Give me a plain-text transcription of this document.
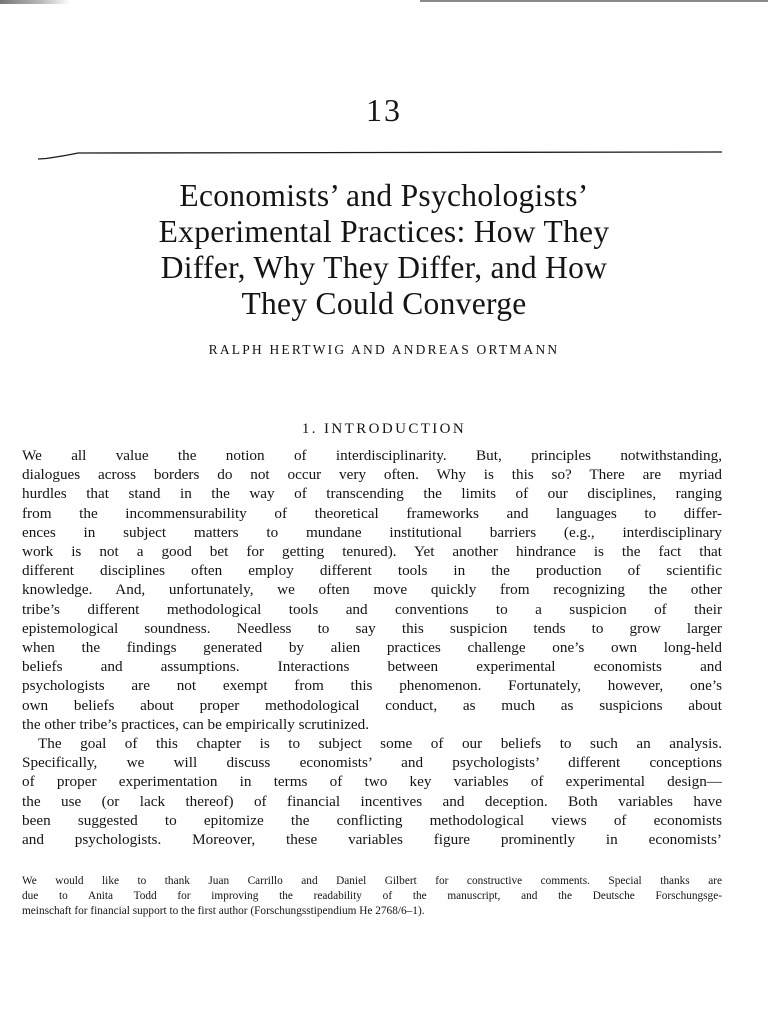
13
Economists’ and Psychologists’
Experimental Practices: How They
Differ, Why They Differ, and How
They Could Converge
RALPH HERTWIG AND ANDREAS ORTMANN
1. INTRODUCTION
We all value the notion of interdisciplinarity. But, principles notwithstanding,
dialogues across borders do not occur very often. Why is this so? There are myriad
hurdles that stand in the way of transcending the limits of our disciplines, ranging
from the incommensurability of theoretical frameworks and languages to differ-
ences in subject matters to mundane institutional barriers (e.g., interdisciplinary
work is not a good bet for getting tenured). Yet another hindrance is the fact that
different disciplines often employ different tools in the production of scientific
knowledge. And, unfortunately, we often move quickly from recognizing the other
tribe’s different methodological tools and conventions to a suspicion of their
epistemological soundness. Needless to say this suspicion tends to grow larger
when the findings generated by alien practices challenge one’s own long-held
beliefs and assumptions. Interactions between experimental economists and
psychologists are not exempt from this phenomenon. Fortunately, however, one’s
own beliefs about proper methodological conduct, as much as suspicions about
the other tribe’s practices, can be empirically scrutinized.
The goal of this chapter is to subject some of our beliefs to such an analysis.
Specifically, we will discuss economists’ and psychologists’ different conceptions
of proper experimentation in terms of two key variables of experimental design—
the use (or lack thereof) of financial incentives and deception. Both variables have
been suggested to epitomize the conflicting methodological views of economists
and psychologists. Moreover, these variables figure prominently in economists’
We would like to thank Juan Carrillo and Daniel Gilbert for constructive comments. Special thanks are
due to Anita Todd for improving the readability of the manuscript, and the Deutsche Forschungsge-
meinschaft for financial support to the first author (Forschungsstipendium He 2768/6–1).
